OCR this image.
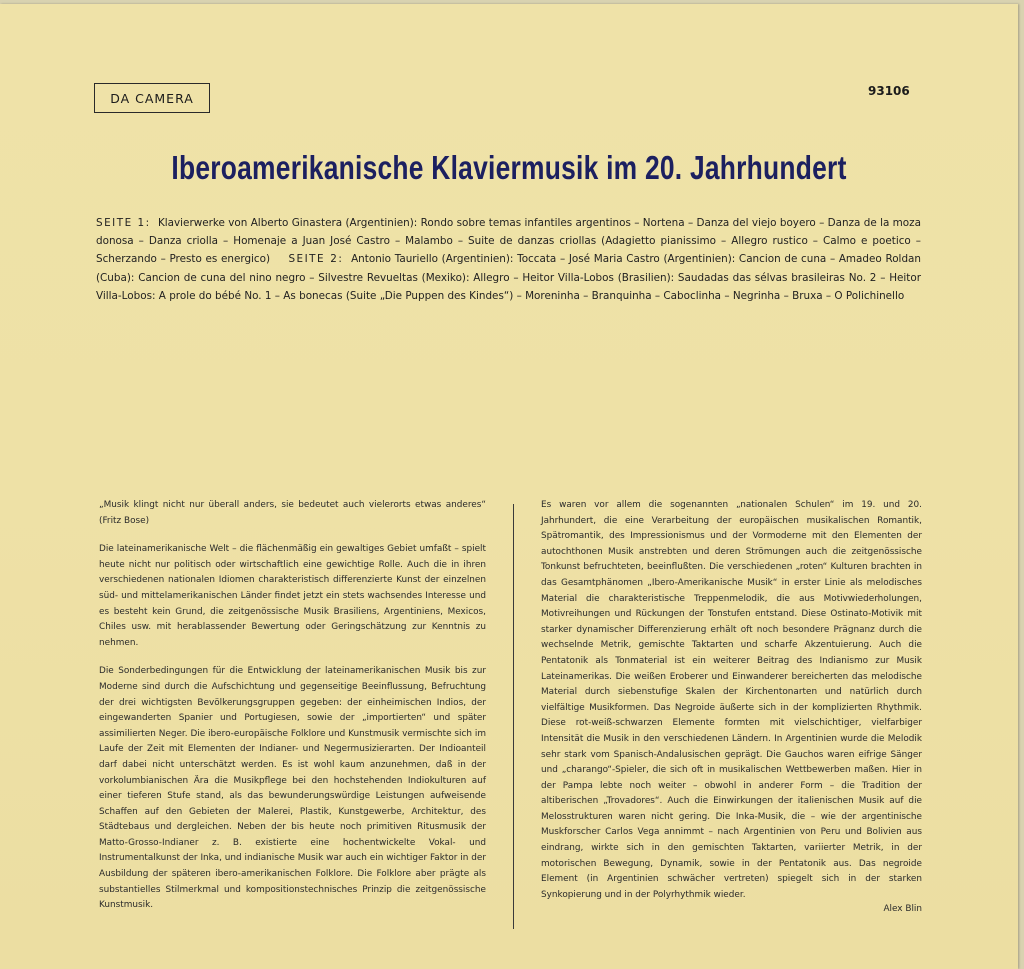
DA CAMERA	93106
Iberoamerikanische Klaviermusik im 20. Jahrhundert
SEITE 1: Klavierwerke von Alberto Ginastera (Argentinien): Rondo sobre temas infantiles argentinos – Nortena – Danza del viejo boyero – Danza de la moza donosa – Danza criolla – Homenaje a Juan José Castro – Malambo – Suite de danzas criollas (Adagietto pianissimo – Allegro rustico – Calmo e poetico – Scherzando – Presto es energico) SEITE 2: Antonio Tauriello (Argentinien): Toccata – José Maria Castro (Argentinien): Cancion de cuna – Amadeo Roldan (Cuba): Cancion de cuna del nino negro – Silvestre Revueltas (Mexiko): Allegro – Heitor Villa-Lobos (Brasilien): Saudadas das sélvas brasileiras No. 2 – Heitor Villa-Lobos: A prole do bébé No. 1 – As bonecas (Suite „Die Puppen des Kindes“) – Moreninha – Branquinha – Caboclinha – Negrinha – Bruxa – O Polichinello

„Musik klingt nicht nur überall anders, sie bedeutet auch vielerorts etwas anderes“ (Fritz Bose)

Die lateinamerikanische Welt – die flächenmäßig ein gewaltiges Gebiet umfaßt – spielt heute nicht nur politisch oder wirtschaftlich eine gewichtige Rolle. Auch die in ihren verschiedenen nationalen Idiomen charakteristisch differenzierte Kunst der einzelnen süd- und mittelamerikanischen Länder findet jetzt ein stets wachsendes Interesse und es besteht kein Grund, die zeitgenössische Musik Brasiliens, Argentiniens, Mexicos, Chiles usw. mit herablassender Bewertung oder Geringschätzung zur Kenntnis zu nehmen.

Die Sonderbedingungen für die Entwicklung der lateinamerikanischen Musik bis zur Moderne sind durch die Aufschichtung und gegenseitige Beeinflussung, Befruchtung der drei wichtigsten Bevölkerungsgruppen gegeben: der einheimischen Indios, der eingewanderten Spanier und Portugiesen, sowie der „importierten“ und später assimilierten Neger. Die ibero-europäische Folklore und Kunstmusik vermischte sich im Laufe der Zeit mit Elementen der Indianer- und Negermusizierarten. Der Indioanteil darf dabei nicht unterschätzt werden. Es ist wohl kaum anzunehmen, daß in der vorkolumbianischen Ära die Musikpflege bei den hochstehenden Indiokulturen auf einer tieferen Stufe stand, als das bewunderungswürdige Leistungen aufweisende Schaffen auf den Gebieten der Malerei, Plastik, Kunstgewerbe, Architektur, des Städtebaus und dergleichen. Neben der bis heute noch primitiven Ritusmusik der Matto-Grosso-Indianer z. B. existierte eine hochentwickelte Vokal- und Instrumentalkunst der Inka, und indianische Musik war auch ein wichtiger Faktor in der Ausbildung der späteren ibero-amerikanischen Folklore. Die Folklore aber prägte als substantielles Stilmerkmal und kompositionstechnisches Prinzip die zeitgenössische Kunstmusik.

Es waren vor allem die sogenannten „nationalen Schulen“ im 19. und 20. Jahrhundert, die eine Verarbeitung der europäischen musikalischen Romantik, Spätromantik, des Impressionismus und der Vormoderne mit den Elementen der autochthonen Musik anstrebten und deren Strömungen auch die zeitgenössische Tonkunst befruchteten, beeinflußten. Die verschiedenen „roten“ Kulturen brachten in das Gesamtphänomen „Ibero-Amerikanische Musik“ in erster Linie als melodisches Material die charakteristische Treppenmelodik, die aus Motivwiederholungen, Motivreihungen und Rückungen der Tonstufen entstand. Diese Ostinato-Motivik mit starker dynamischer Differenzierung erhält oft noch besondere Prägnanz durch die wechselnde Metrik, gemischte Taktarten und scharfe Akzentuierung. Auch die Pentatonik als Tonmaterial ist ein weiterer Beitrag des Indianismo zur Musik Lateinamerikas. Die weißen Eroberer und Einwanderer bereicherten das melodische Material durch siebenstufige Skalen der Kirchentonarten und natürlich durch vielfältige Musikformen. Das Negroide äußerte sich in der komplizierten Rhythmik. Diese rot-weiß-schwarzen Elemente formten mit vielschichtiger, vielfarbiger Intensität die Musik in den verschiedenen Ländern. In Argentinien wurde die Melodik sehr stark vom Spanisch-Andalusischen geprägt. Die Gauchos waren eifrige Sänger und „charango“-Spieler, die sich oft in musikalischen Wettbewerben maßen. Hier in der Pampa lebte noch weiter – obwohl in anderer Form – die Tradition der altiberischen „Trovadores“. Auch die Einwirkungen der italienischen Musik auf die Melosstrukturen waren nicht gering. Die Inka-Musik, die – wie der argentinische Muskforscher Carlos Vega annimmt – nach Argentinien von Peru und Bolivien aus eindrang, wirkte sich in den gemischten Taktarten, variierter Metrik, in der motorischen Bewegung, Dynamik, sowie in der Pentatonik aus. Das negroide Element (in Argentinien schwächer vertreten) spiegelt sich in der starken Synkopierung und in der Polyrhythmik wieder.

Alex Blin
